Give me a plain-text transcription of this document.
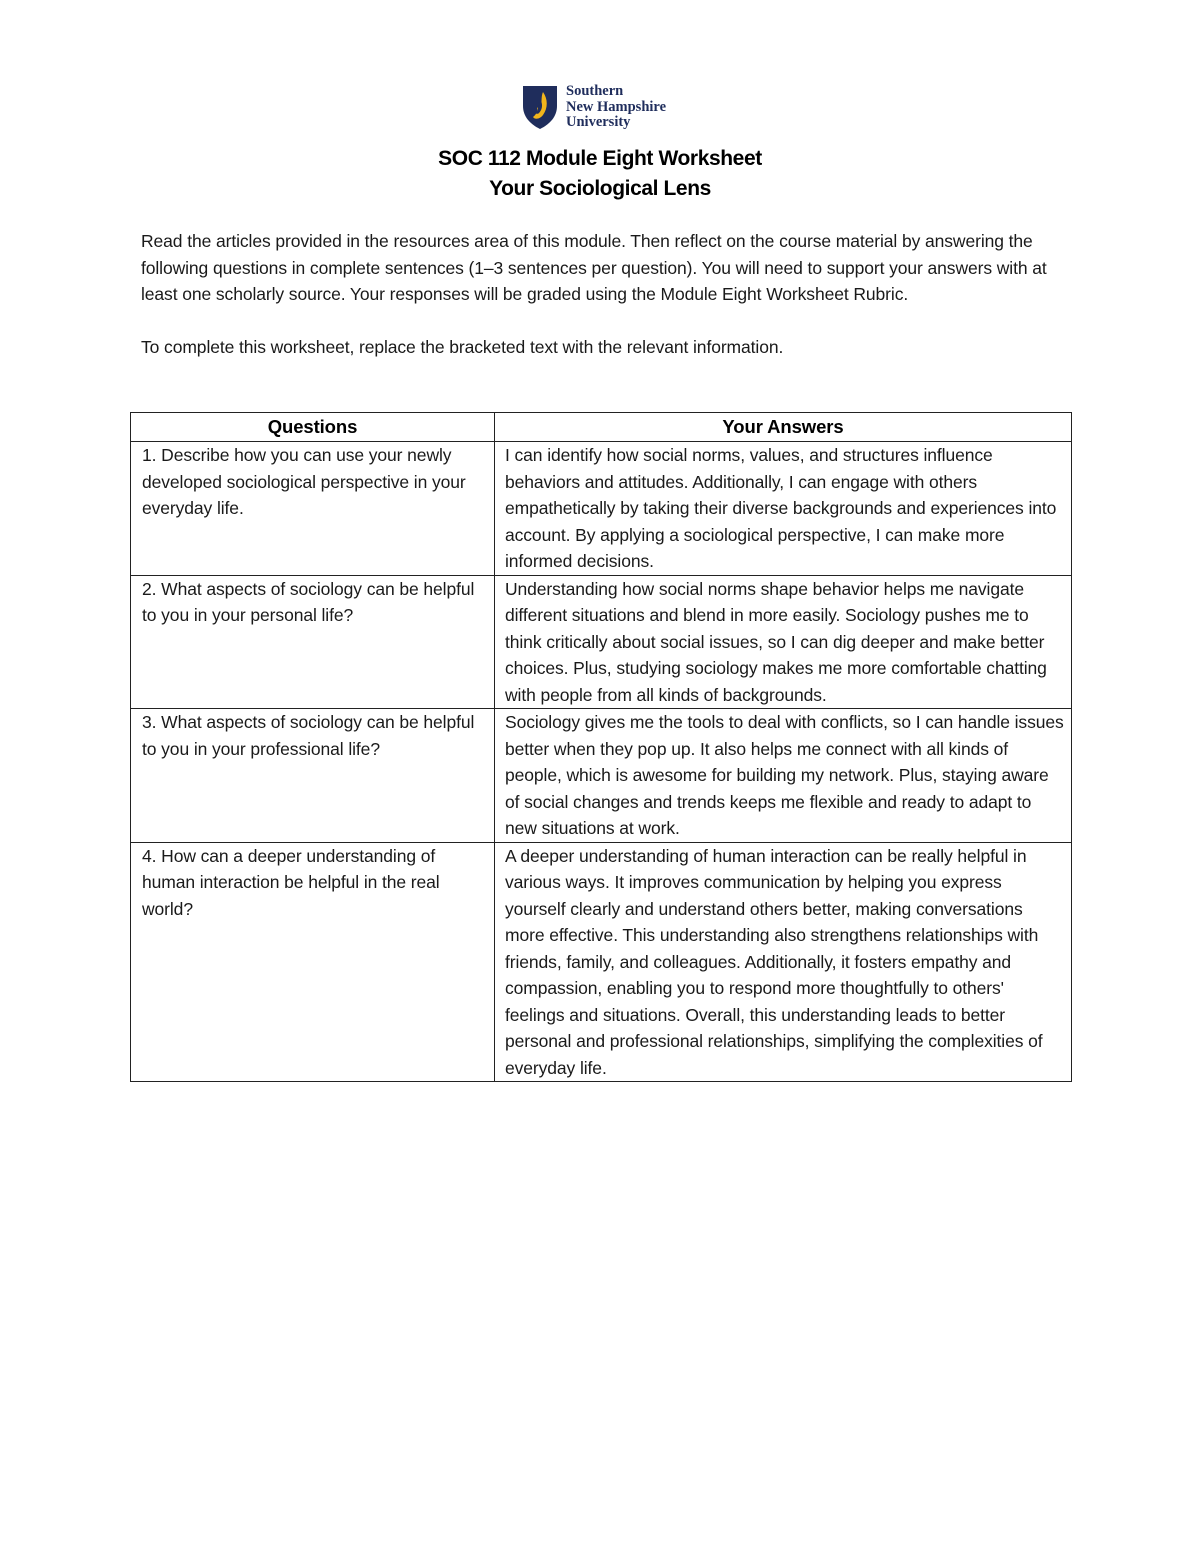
Southern
New Hampshire
University
SOC 112 Module Eight Worksheet
Your Sociological Lens

Read the articles provided in the resources area of this module. Then reflect on the course material by answering the following questions in complete sentences (1–3 sentences per question). You will need to support your answers with at least one scholarly source. Your responses will be graded using the Module Eight Worksheet Rubric.

To complete this worksheet, replace the bracketed text with the relevant information.

Questions	Your Answers
1. Describe how you can use your newly developed sociological perspective in your everyday life.	I can identify how social norms, values, and structures influence behaviors and attitudes. Additionally, I can engage with others empathetically by taking their diverse backgrounds and experiences into account. By applying a sociological perspective, I can make more informed decisions.
2. What aspects of sociology can be helpful to you in your personal life?	Understanding how social norms shape behavior helps me navigate different situations and blend in more easily. Sociology pushes me to think critically about social issues, so I can dig deeper and make better choices. Plus, studying sociology makes me more comfortable chatting with people from all kinds of backgrounds.
3. What aspects of sociology can be helpful to you in your professional life?	Sociology gives me the tools to deal with conflicts, so I can handle issues better when they pop up. It also helps me connect with all kinds of people, which is awesome for building my network. Plus, staying aware of social changes and trends keeps me flexible and ready to adapt to new situations at work.
4. How can a deeper understanding of human interaction be helpful in the real world?	A deeper understanding of human interaction can be really helpful in various ways. It improves communication by helping you express yourself clearly and understand others better, making conversations more effective. This understanding also strengthens relationships with friends, family, and colleagues. Additionally, it fosters empathy and compassion, enabling you to respond more thoughtfully to others' feelings and situations. Overall, this understanding leads to better personal and professional relationships, simplifying the complexities of everyday life.
